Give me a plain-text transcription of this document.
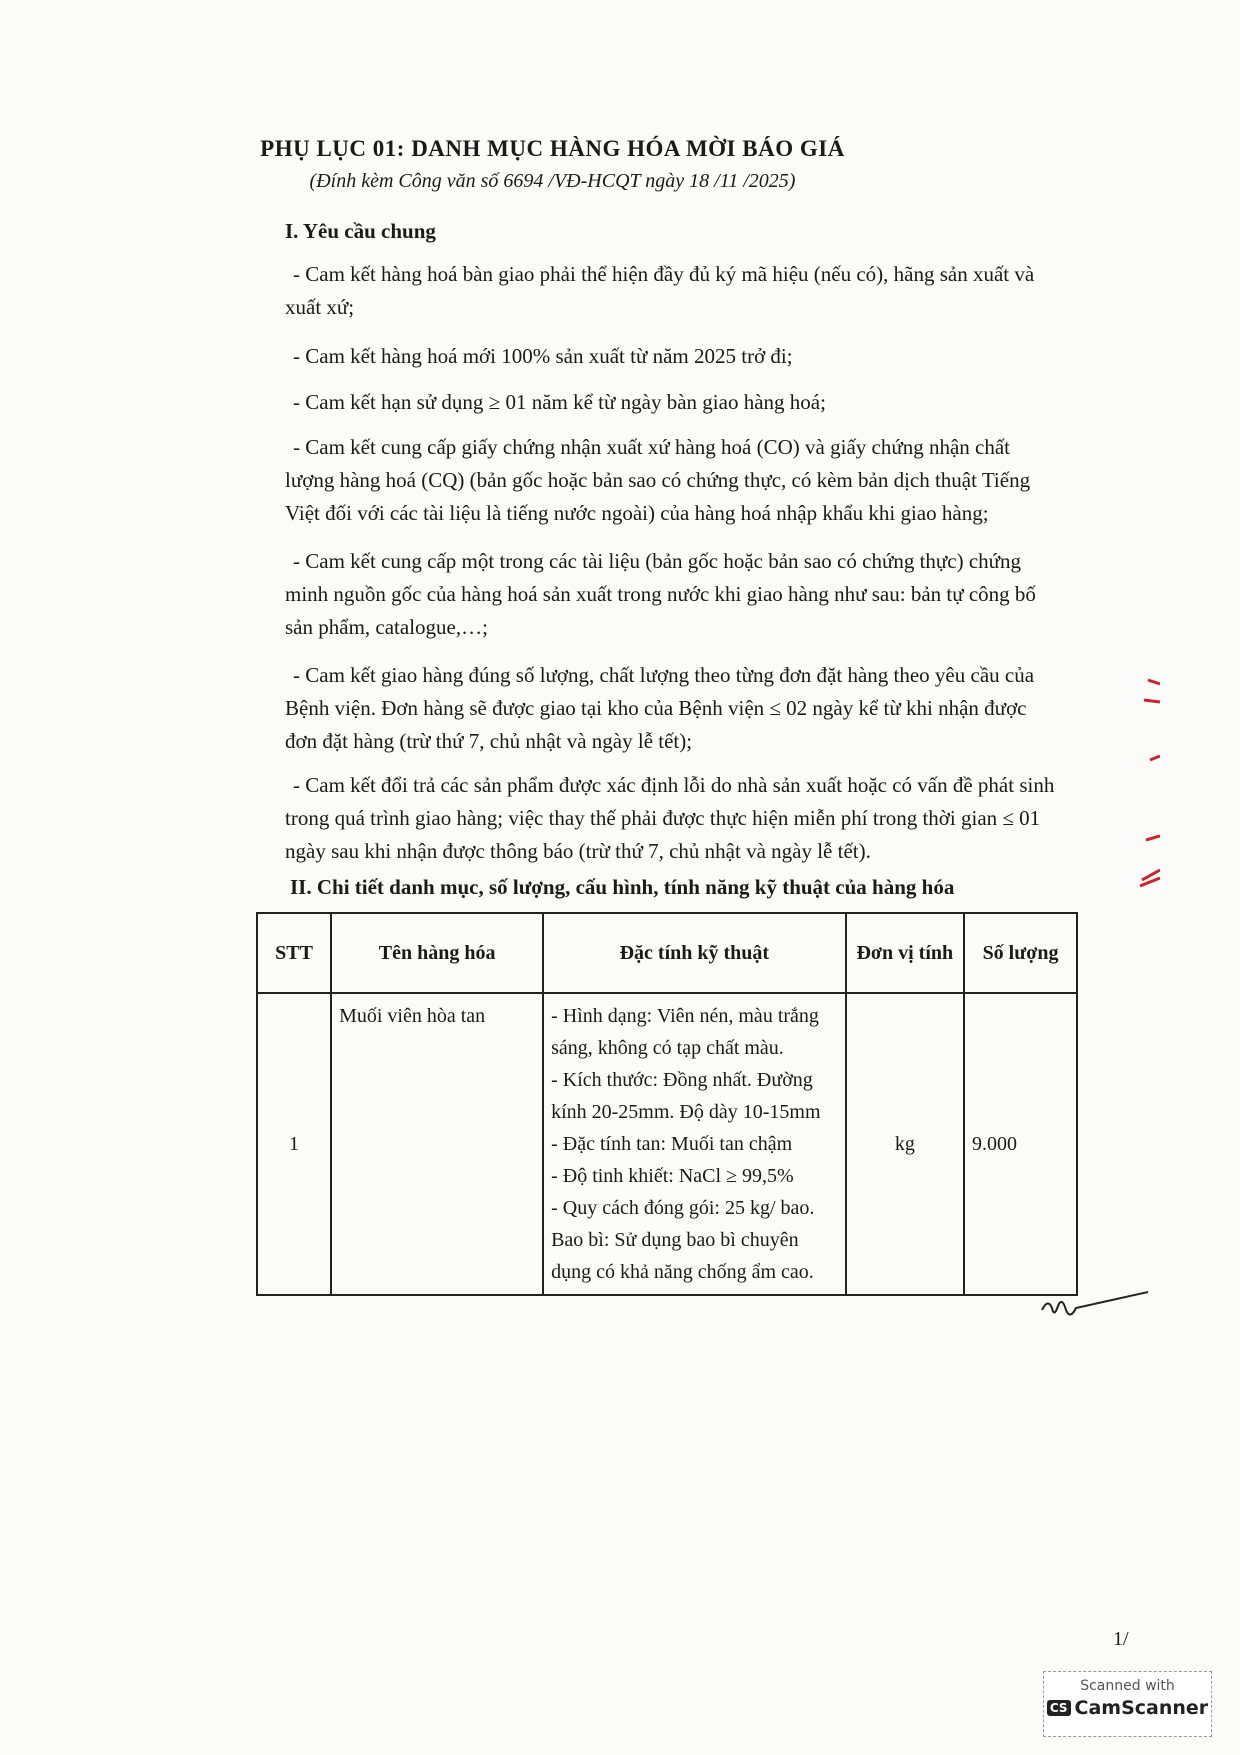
PHỤ LỤC 01: DANH MỤC HÀNG HÓA MỜI BÁO GIÁ
(Đính kèm Công văn số 6694 /VĐ-HCQT ngày 18 /11 /2025)
I. Yêu cầu chung

- Cam kết hàng hoá bàn giao phải thể hiện đầy đủ ký mã hiệu (nếu có), hãng sản xuất và xuất xứ;

- Cam kết hàng hoá mới 100% sản xuất từ năm 2025 trở đi;

- Cam kết hạn sử dụng ≥ 01 năm kể từ ngày bàn giao hàng hoá;

- Cam kết cung cấp giấy chứng nhận xuất xứ hàng hoá (CO) và giấy chứng nhận chất lượng hàng hoá (CQ) (bản gốc hoặc bản sao có chứng thực, có kèm bản dịch thuật Tiếng Việt đối với các tài liệu là tiếng nước ngoài) của hàng hoá nhập khẩu khi giao hàng;

- Cam kết cung cấp một trong các tài liệu (bản gốc hoặc bản sao có chứng thực) chứng minh nguồn gốc của hàng hoá sản xuất trong nước khi giao hàng như sau: bản tự công bố sản phẩm, catalogue,…;

- Cam kết giao hàng đúng số lượng, chất lượng theo từng đơn đặt hàng theo yêu cầu của Bệnh viện. Đơn hàng sẽ được giao tại kho của Bệnh viện ≤ 02 ngày kể từ khi nhận được đơn đặt hàng (trừ thứ 7, chủ nhật và ngày lễ tết);

- Cam kết đổi trả các sản phẩm được xác định lỗi do nhà sản xuất hoặc có vấn đề phát sinh trong quá trình giao hàng; việc thay thế phải được thực hiện miễn phí trong thời gian ≤ 01 ngày sau khi nhận được thông báo (trừ thứ 7, chủ nhật và ngày lễ tết).

II. Chi tiết danh mục, số lượng, cấu hình, tính năng kỹ thuật của hàng hóa
STT	Tên hàng hóa	Đặc tính kỹ thuật	Đơn vị tính	Số lượng
1	Muối viên hòa tan	- Hình dạng: Viên nén, màu trắng sáng, không có tạp chất màu.
- Kích thước: Đồng nhất. Đường kính 20-25mm. Độ dày 10-15mm
- Đặc tính tan: Muối tan chậm
- Độ tinh khiết: NaCl ≥ 99,5%
- Quy cách đóng gói: 25 kg/ bao. Bao bì: Sử dụng bao bì chuyên dụng có khả năng chống ẩm cao.	kg	9.000
1/
Scanned with
CS CamScanner
